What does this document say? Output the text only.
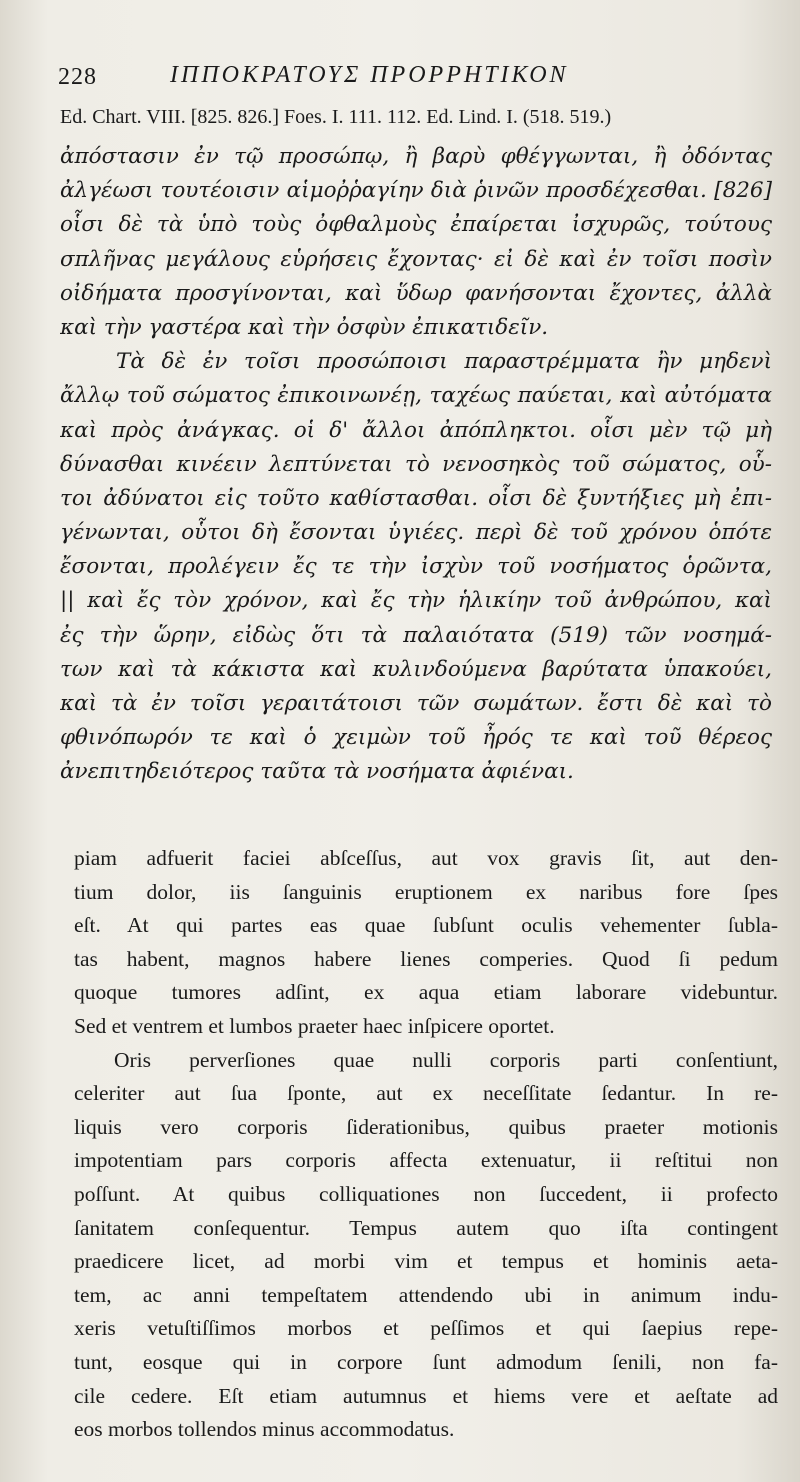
228	ΙΠΠΟΚΡΑΤΟΥΣ ΠΡΟΡΡΗΤΙΚΟΝ
Ed. Chart. VIII. [825. 826.] Foes. I. 111. 112. Ed. Lind. I. (518. 519.)
ἀπόστασιν ἐν τῷ προσώπῳ, ἢ βαρὺ φθέγγωνται, ἢ ὀδόντας
ἀλγέωσι τουτέοισιν αἱμοῤῥαγίην διὰ ῥινῶν προσδέχεσθαι. [826]
οἷσι δὲ τὰ ὑπὸ τοὺς ὀφθαλμοὺς ἐπαίρεται ἰσχυρῶς, τούτους
σπλῆνας μεγάλους εὑρήσεις ἔχοντας· εἰ δὲ καὶ ἐν τοῖσι ποσὶν
οἰδήματα προσγίνονται, καὶ ὕδωρ φανήσονται ἔχοντες, ἀλλὰ
καὶ τὴν γαστέρα καὶ τὴν ὀσφὺν ἐπικατιδεῖν.
Τὰ δὲ ἐν τοῖσι προσώποισι παραστρέμματα ἢν μηδενὶ
ἄλλῳ τοῦ σώματος ἐπικοινωνέῃ, ταχέως παύεται, καὶ αὐτόματα
καὶ πρὸς ἀνάγκας. οἱ δ' ἄλλοι ἀπόπληκτοι. οἷσι μὲν τῷ μὴ
δύνασθαι κινέειν λεπτύνεται τὸ νενοσηκὸς τοῦ σώματος, οὗ-
τοι ἀδύνατοι εἰς τοῦτο καθίστασθαι. οἷσι δὲ ξυντήξιες μὴ ἐπι-
γένωνται, οὗτοι δὴ ἔσονται ὑγιέες. περὶ δὲ τοῦ χρόνου ὁπότε
ἔσονται, προλέγειν ἔς τε τὴν ἰσχὺν τοῦ νοσήματος ὁρῶντα,
|| καὶ ἔς τὸν χρόνον, καὶ ἔς τὴν ἡλικίην τοῦ ἀνθρώπου, καὶ
ἐς τὴν ὥρην, εἰδὼς ὅτι τὰ παλαιότατα (519) τῶν νοσημά-
των καὶ τὰ κάκιστα καὶ κυλινδούμενα βαρύτατα ὑπακούει,
καὶ τὰ ἐν τοῖσι γεραιτάτοισι τῶν σωμάτων. ἔστι δὲ καὶ τὸ
φθινόπωρόν τε καὶ ὁ χειμὼν τοῦ ἦρός τε καὶ τοῦ θέρεος
ἀνεπιτηδειότερος ταῦτα τὰ νοσήματα ἀφιέναι.
piam adfuerit faciei abſceſſus, aut vox gravis ſit, aut den-
tium dolor, iis ſanguinis eruptionem ex naribus fore ſpes
eſt. At qui partes eas quae ſubſunt oculis vehementer ſubla-
tas habent, magnos habere lienes comperies. Quod ſi pedum
quoque tumores adſint, ex aqua etiam laborare videbuntur.
Sed et ventrem et lumbos praeter haec inſpicere oportet.
Oris perverſiones quae nulli corporis parti conſentiunt,
celeriter aut ſua ſponte, aut ex neceſſitate ſedantur. In re-
liquis vero corporis ſiderationibus, quibus praeter motionis
impotentiam pars corporis affecta extenuatur, ii reſtitui non
poſſunt. At quibus colliquationes non ſuccedent, ii profecto
ſanitatem conſequentur. Tempus autem quo iſta contingent
praedicere licet, ad morbi vim et tempus et hominis aeta-
tem, ac anni tempeſtatem attendendo ubi in animum indu-
xeris vetuſtiſſimos morbos et peſſimos et qui ſaepius repe-
tunt, eosque qui in corpore ſunt admodum ſenili, non fa-
cile cedere. Eſt etiam autumnus et hiems vere et aeſtate ad
eos morbos tollendos minus accommodatus.
